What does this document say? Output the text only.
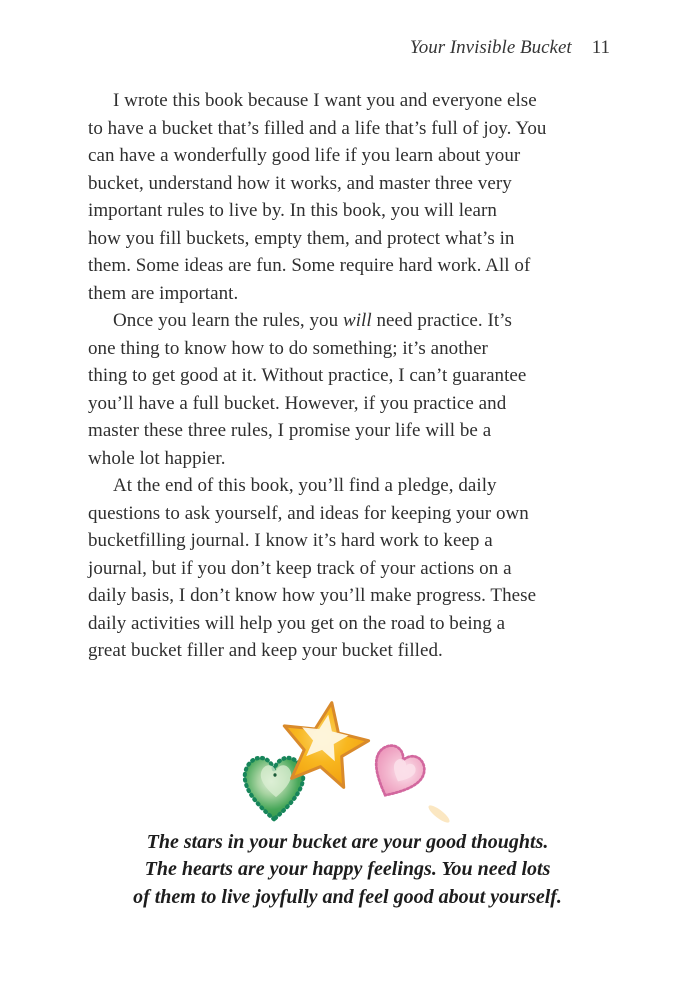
Your Invisible Bucket 11
I wrote this book because I want you and everyone else
to have a bucket that’s filled and a life that’s full of joy. You
can have a wonderfully good life if you learn about your
bucket, understand how it works, and master three very
important rules to live by. In this book, you will learn
how you fill buckets, empty them, and protect what’s in
them. Some ideas are fun. Some require hard work. All of
them are important.
Once you learn the rules, you will need practice. It’s
one thing to know how to do something; it’s another
thing to get good at it. Without practice, I can’t guarantee
you’ll have a full bucket. However, if you practice and
master these three rules, I promise your life will be a
whole lot happier.
At the end of this book, you’ll find a pledge, daily
questions to ask yourself, and ideas for keeping your own
bucketfilling journal. I know it’s hard work to keep a
journal, but if you don’t keep track of your actions on a
daily basis, I don’t know how you’ll make progress. These
daily activities will help you get on the road to being a
great bucket filler and keep your bucket filled.
The stars in your bucket are your good thoughts.
The hearts are your happy feelings. You need lots
of them to live joyfully and feel good about yourself.
